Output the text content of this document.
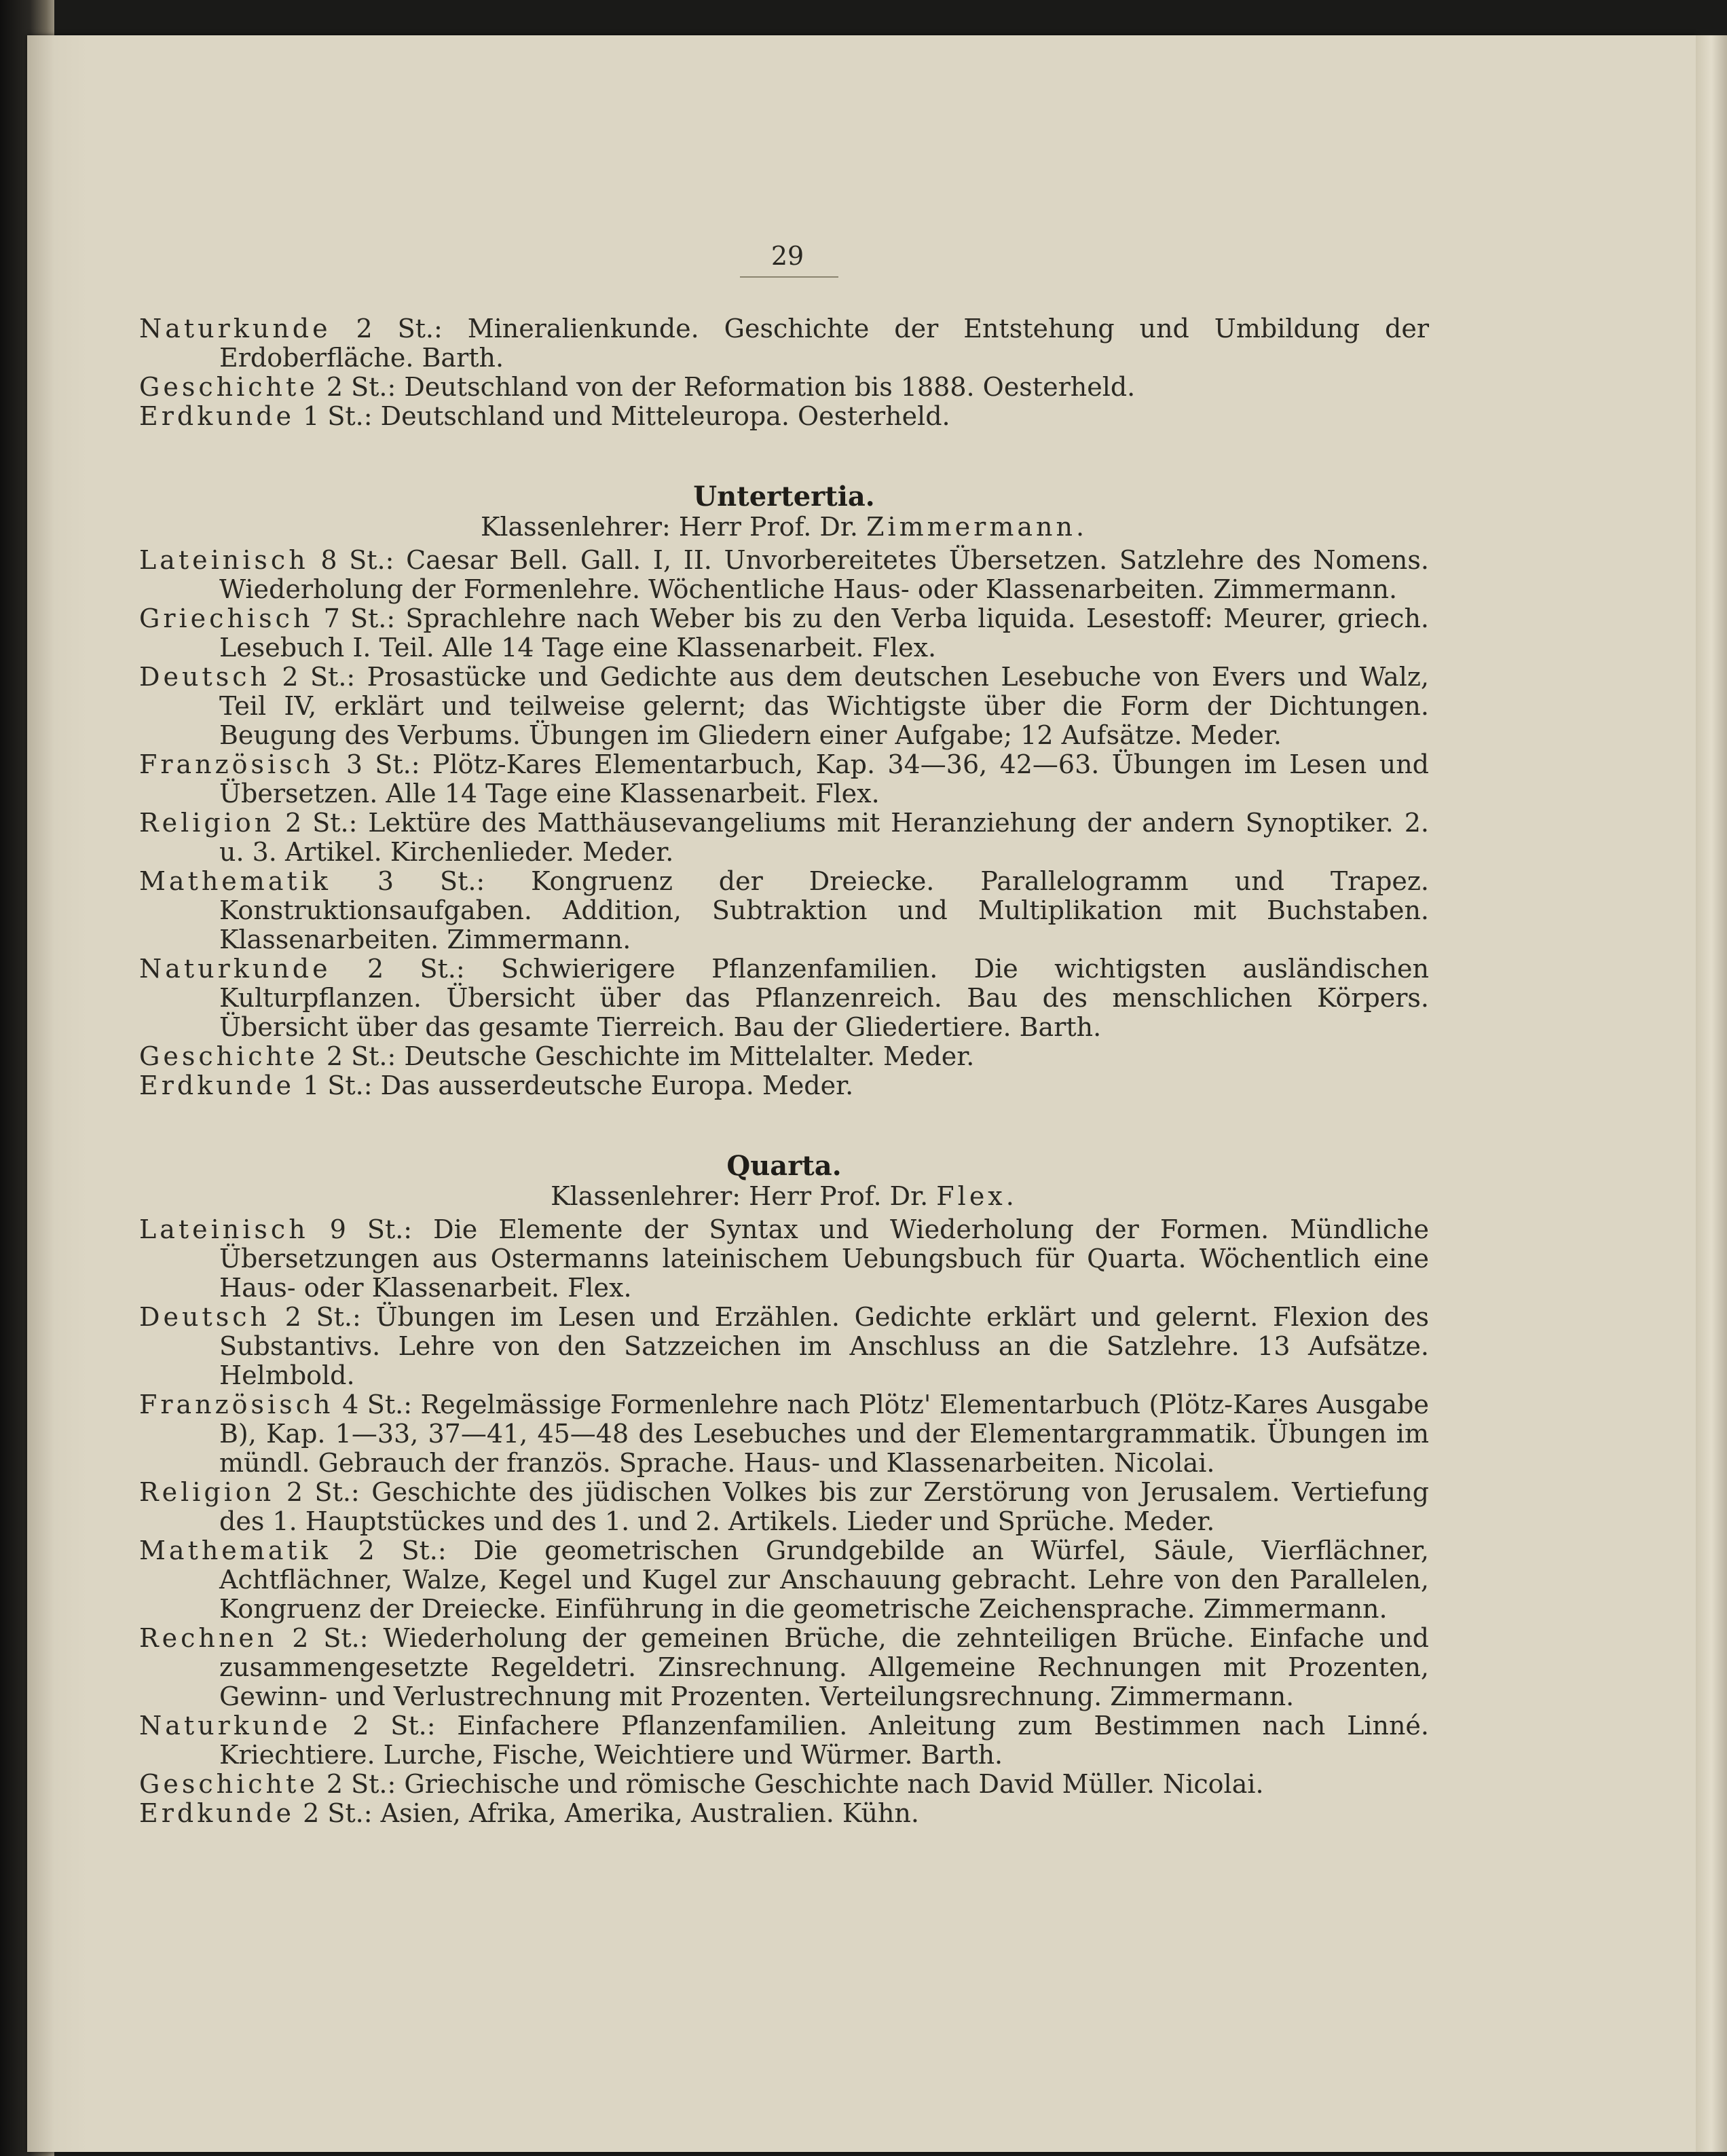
29

Naturkunde 2 St.: Mineralienkunde. Geschichte der Entstehung und Umbildung der Erdoberfläche. Barth.

Geschichte 2 St.: Deutschland von der Reformation bis 1888. Oesterheld.

Erdkunde 1 St.: Deutschland und Mitteleuropa. Oesterheld.

Untertertia.
Klassenlehrer: Herr Prof. Dr. Zimmermann.

Lateinisch 8 St.: Caesar Bell. Gall. I, II. Unvorbereitetes Übersetzen. Satzlehre des Nomens. Wiederholung der Formenlehre. Wöchentliche Haus- oder Klassenarbeiten. Zimmermann.

Griechisch 7 St.: Sprachlehre nach Weber bis zu den Verba liquida. Lesestoff: Meurer, griech. Lesebuch I. Teil. Alle 14 Tage eine Klassenarbeit. Flex.

Deutsch 2 St.: Prosastücke und Gedichte aus dem deutschen Lesebuche von Evers und Walz, Teil IV, erklärt und teilweise gelernt; das Wichtigste über die Form der Dichtungen. Beugung des Verbums. Übungen im Gliedern einer Aufgabe; 12 Aufsätze. Meder.

Französisch 3 St.: Plötz-Kares Elementarbuch, Kap. 34—36, 42—63. Übungen im Lesen und Übersetzen. Alle 14 Tage eine Klassenarbeit. Flex.

Religion 2 St.: Lektüre des Matthäusevangeliums mit Heranziehung der andern Synoptiker. 2. u. 3. Artikel. Kirchenlieder. Meder.

Mathematik 3 St.: Kongruenz der Dreiecke. Parallelogramm und Trapez. Konstruktionsaufgaben. Addition, Subtraktion und Multiplikation mit Buchstaben. Klassenarbeiten. Zimmermann.

Naturkunde 2 St.: Schwierigere Pflanzenfamilien. Die wichtigsten ausländischen Kulturpflanzen. Übersicht über das Pflanzenreich. Bau des menschlichen Körpers. Übersicht über das gesamte Tierreich. Bau der Gliedertiere. Barth.

Geschichte 2 St.: Deutsche Geschichte im Mittelalter. Meder.

Erdkunde 1 St.: Das ausserdeutsche Europa. Meder.

Quarta.
Klassenlehrer: Herr Prof. Dr. Flex.

Lateinisch 9 St.: Die Elemente der Syntax und Wiederholung der Formen. Mündliche Übersetzungen aus Ostermanns lateinischem Uebungsbuch für Quarta. Wöchentlich eine Haus- oder Klassenarbeit. Flex.

Deutsch 2 St.: Übungen im Lesen und Erzählen. Gedichte erklärt und gelernt. Flexion des Substantivs. Lehre von den Satzzeichen im Anschluss an die Satzlehre. 13 Aufsätze. Helmbold.

Französisch 4 St.: Regelmässige Formenlehre nach Plötz' Elementarbuch (Plötz-Kares Ausgabe B), Kap. 1—33, 37—41, 45—48 des Lesebuches und der Elementargrammatik. Übungen im mündl. Gebrauch der französ. Sprache. Haus- und Klassenarbeiten. Nicolai.

Religion 2 St.: Geschichte des jüdischen Volkes bis zur Zerstörung von Jerusalem. Vertiefung des 1. Hauptstückes und des 1. und 2. Artikels. Lieder und Sprüche. Meder.

Mathematik 2 St.: Die geometrischen Grundgebilde an Würfel, Säule, Vierflächner, Achtflächner, Walze, Kegel und Kugel zur Anschauung gebracht. Lehre von den Parallelen, Kongruenz der Dreiecke. Einführung in die geometrische Zeichensprache. Zimmermann.

Rechnen 2 St.: Wiederholung der gemeinen Brüche, die zehnteiligen Brüche. Einfache und zusammengesetzte Regeldetri. Zinsrechnung. Allgemeine Rechnungen mit Prozenten, Gewinn- und Verlustrechnung mit Prozenten. Verteilungsrechnung. Zimmermann.

Naturkunde 2 St.: Einfachere Pflanzenfamilien. Anleitung zum Bestimmen nach Linné. Kriechtiere. Lurche, Fische, Weichtiere und Würmer. Barth.

Geschichte 2 St.: Griechische und römische Geschichte nach David Müller. Nicolai.

Erdkunde 2 St.: Asien, Afrika, Amerika, Australien. Kühn.
